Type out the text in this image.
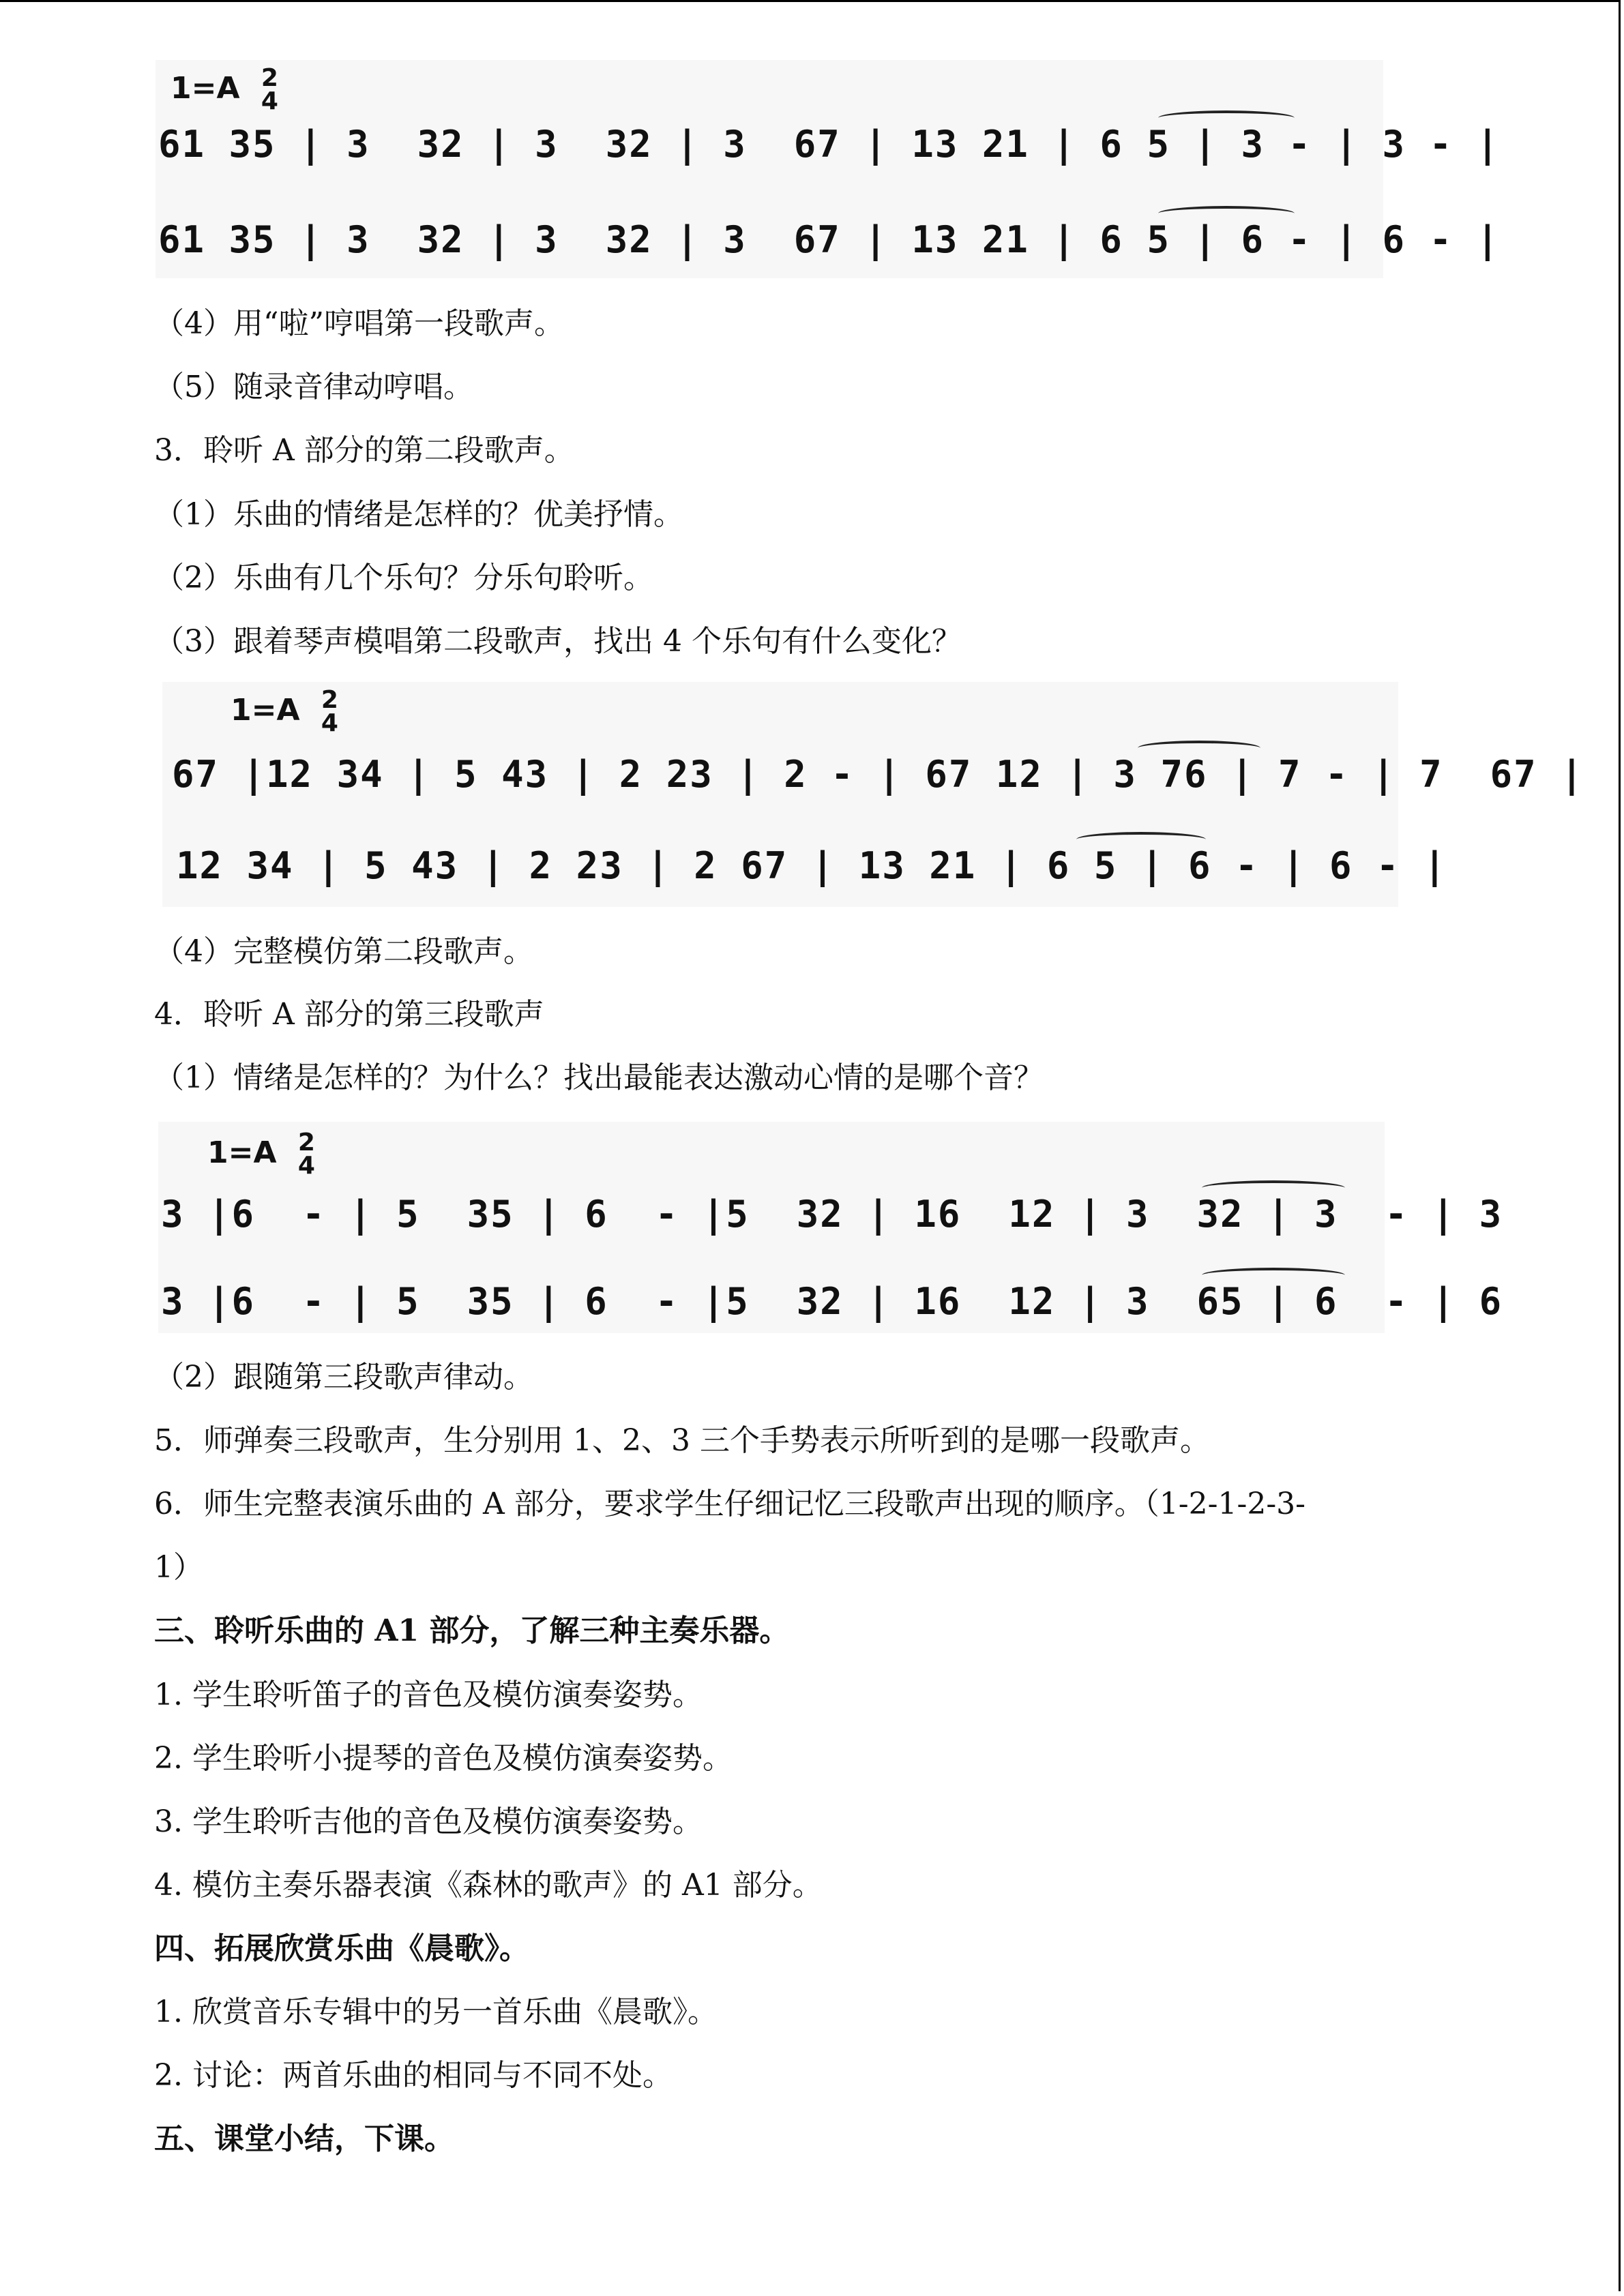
1=A 2
4
61 35 | 3  32 | 3  32 | 3  67 | 13 21 | 6 5 | 3 - | 3 - |
61 35 | 3  32 | 3  32 | 3  67 | 13 21 | 6 5 | 6 - | 6 - |
（4）用“啦”哼唱第一段歌声。
（5）随录音律动哼唱。
3．聆听 A 部分的第二段歌声。
（1）乐曲的情绪是怎样的？优美抒情。
（2）乐曲有几个乐句？分乐句聆听。
（3）跟着琴声模唱第二段歌声，找出 4 个乐句有什么变化？
1=A 2
4
67 |12 34 | 5 43 | 2 23 | 2 - | 67 12 | 3 76 | 7 - | 7  67 |
12 34 | 5 43 | 2 23 | 2 67 | 13 21 | 6 5 | 6 - | 6 - |
（4）完整模仿第二段歌声。
4．聆听 A 部分的第三段歌声
（1）情绪是怎样的？为什么？找出最能表达激动心情的是哪个音？
1=A 2
4
3 |6  - | 5  35 | 6  - |5  32 | 16  12 | 3  32 | 3  - | 3
3 |6  - | 5  35 | 6  - |5  32 | 16  12 | 3  65 | 6  - | 6
（2）跟随第三段歌声律动。
5．师弹奏三段歌声，生分别用 1、2、3 三个手势表示所听到的是哪一段歌声。
6．师生完整表演乐曲的 A 部分，要求学生仔细记忆三段歌声出现的顺序。（1-2-1-2-3-
1）
三、聆听乐曲的 A1 部分，了解三种主奏乐器。
1. 学生聆听笛子的音色及模仿演奏姿势。
2. 学生聆听小提琴的音色及模仿演奏姿势。
3. 学生聆听吉他的音色及模仿演奏姿势。
4. 模仿主奏乐器表演《森林的歌声》的 A1 部分。
四、拓展欣赏乐曲《晨歌》。
1. 欣赏音乐专辑中的另一首乐曲《晨歌》。
2. 讨论：两首乐曲的相同与不同不处。
五、课堂小结，下课。
